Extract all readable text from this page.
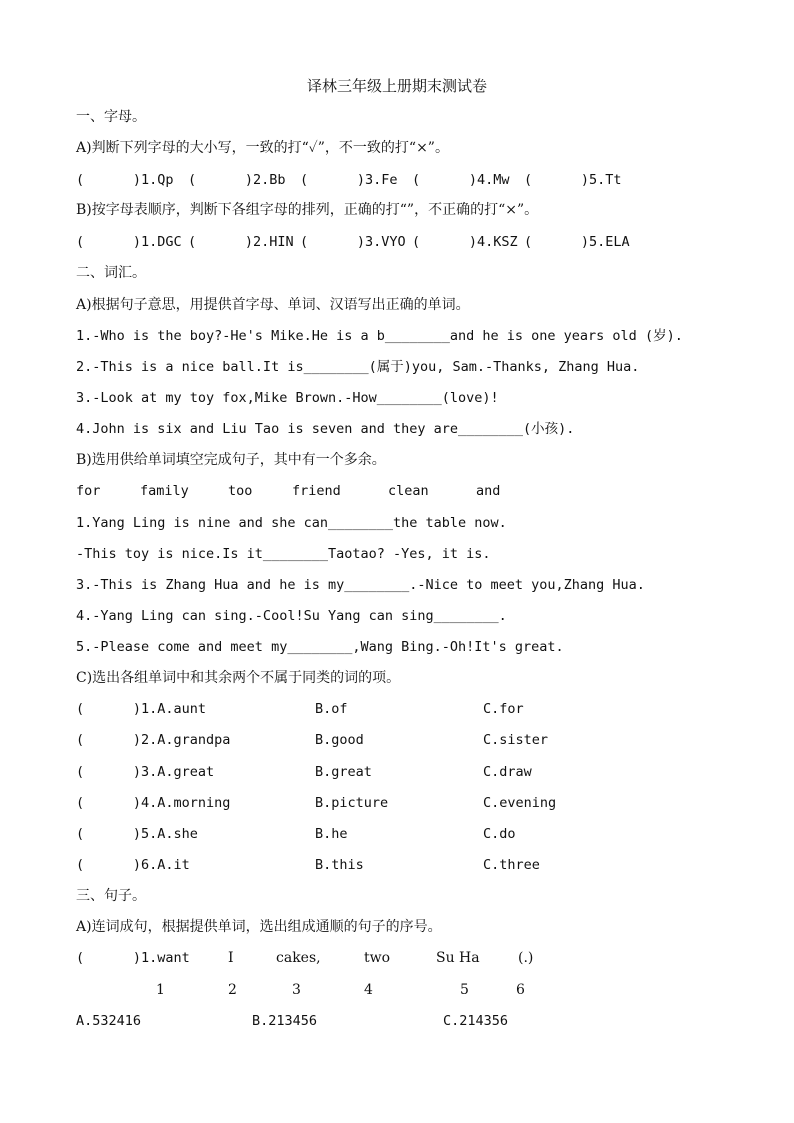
译林三年级上册期末测试卷
一、字母。
A)判断下列字母的大小写，一致的打“✓”，不一致的打“×”。
(      )1.Qp (      )2.Bb (      )3.Fe (      )4.Mw (      )5.Tt
B)按字母表顺序，判断下各组字母的排列，正确的打“”，不正确的打“×”。
(      )1.DGC (      )2.HIN (      )3.VYO (      )4.KSZ (      )5.ELA
二、词汇。
A)根据句子意思，用提供首字母、单词、汉语写出正确的单词。
1.-Who is the boy?-He's Mike.He is a b________and he is one years old (岁).
2.-This is a nice ball.It is________(属于)you, Sam.-Thanks, Zhang Hua.
3.-Look at my toy fox,Mike Brown.-How________(love)!
4.John is six and Liu Tao is seven and they are________(小孩).
B)选用供给单词填空完成句子，其中有一个多余。
for	family	too	friend	clean	and
1.Yang Ling is nine and she can________the table now.
-This toy is nice.Is it________Taotao? -Yes, it is.
3.-This is Zhang Hua and he is my________.-Nice to meet you,Zhang Hua.
4.-Yang Ling can sing.-Cool!Su Yang can sing________.
5.-Please come and meet my________,Wang Bing.-Oh!It's great.
C)选出各组单词中和其余两个不属于同类的词的项。
(      )1.A.aunt	B.of	C.for
(      )2.A.grandpa	B.good	C.sister
(      )3.A.great	B.great	C.draw
(      )4.A.morning	B.picture	C.evening
(      )5.A.she	B.he	C.do
(      )6.A.it	B.this	C.three
三、句子。
A)连词成句，根据提供单词，选出组成通顺的句子的序号。
(      )1.want	I	cakes,	two	Su Ha	(.)
1	2	3	4	5	6
A.532416	B.213456	C.214356
